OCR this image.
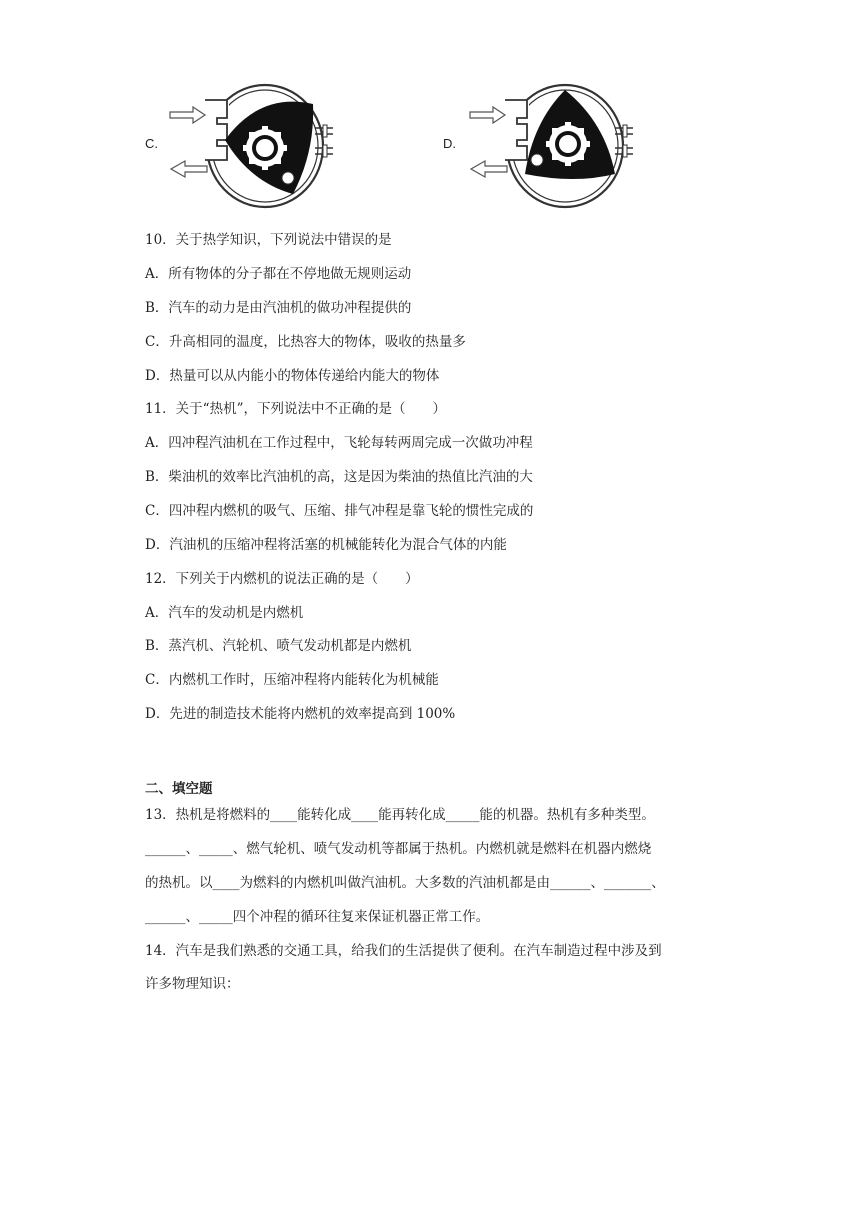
C.	D.
10．关于热学知识，下列说法中错误的是
A．所有物体的分子都在不停地做无规则运动
B．汽车的动力是由汽油机的做功冲程提供的
C．升高相同的温度，比热容大的物体，吸收的热量多
D．热量可以从内能小的物体传递给内能大的物体
11．关于“热机”，下列说法中不正确的是（　　）
A．四冲程汽油机在工作过程中，飞轮每转两周完成一次做功冲程
B．柴油机的效率比汽油机的高，这是因为柴油的热值比汽油的大
C．四冲程内燃机的吸气、压缩、排气冲程是靠飞轮的惯性完成的
D．汽油机的压缩冲程将活塞的机械能转化为混合气体的内能
12．下列关于内燃机的说法正确的是（　　）
A．汽车的发动机是内燃机
B．蒸汽机、汽轮机、喷气发动机都是内燃机
C．内燃机工作时，压缩冲程将内能转化为机械能
D．先进的制造技术能将内燃机的效率提高到 100%
二、填空题
13．热机是将燃料的____能转化成____能再转化成_____能的机器。热机有多种类型。
______、_____、燃气轮机、喷气发动机等都属于热机。内燃机就是燃料在机器内燃烧
的热机。以____为燃料的内燃机叫做汽油机。大多数的汽油机都是由______、_______、
______、_____四个冲程的循环往复来保证机器正常工作。
14．汽车是我们熟悉的交通工具，给我们的生活提供了便利。在汽车制造过程中涉及到
许多物理知识：
